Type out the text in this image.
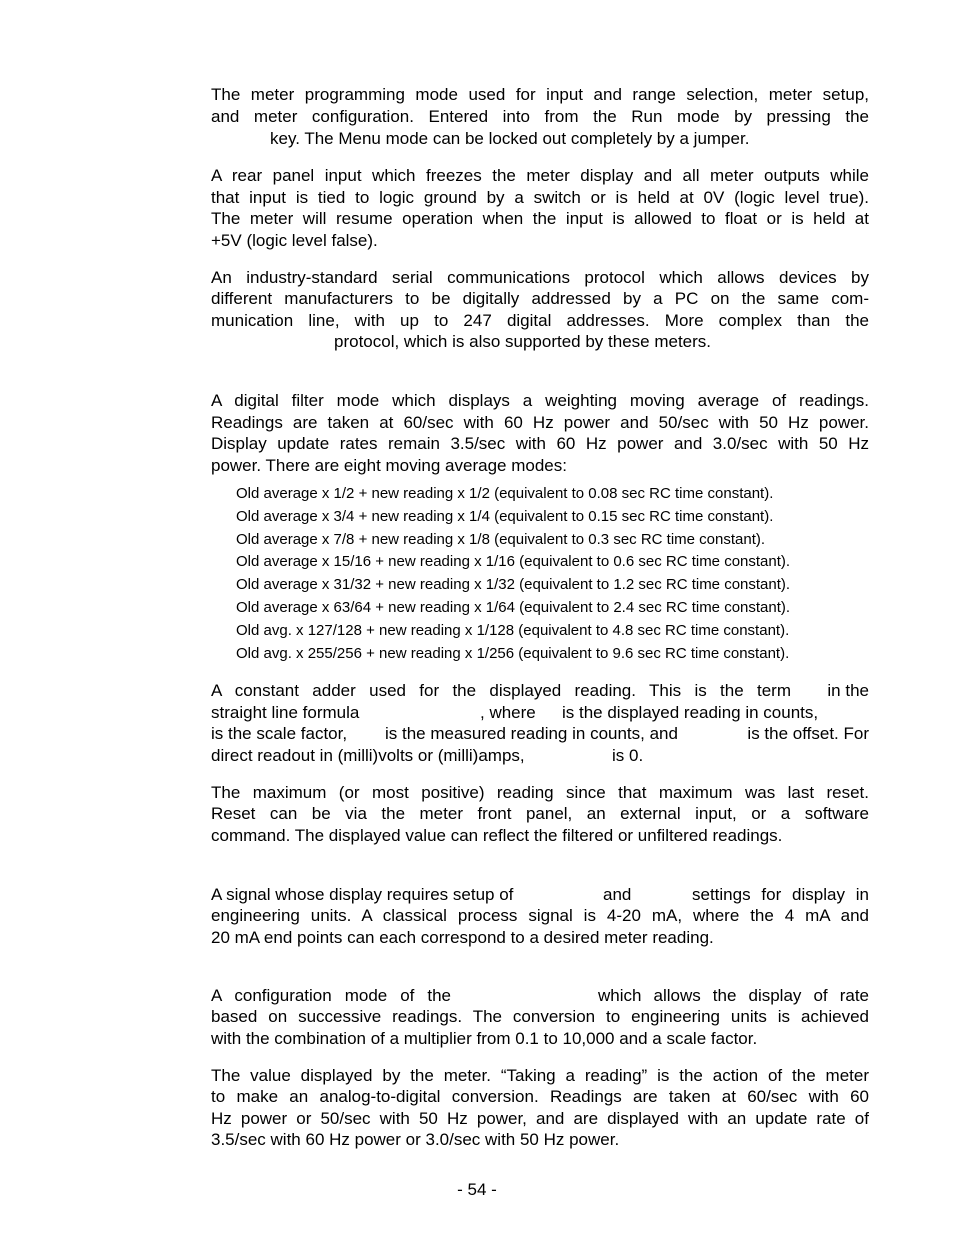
The meter programming mode used for input and range selection, meter setup,
and meter configuration. Entered into from the Run mode by pressing the
key. The Menu mode can be locked out completely by a jumper.
A rear panel input which freezes the meter display and all meter outputs while
that input is tied to logic ground by a switch or is held at 0V (logic level true).
The meter will resume operation when the input is allowed to float or is held at
+5V (logic level false).
An industry-standard serial communications protocol which allows devices by
different manufacturers to be digitally addressed by a PC on the same com-
munication line, with up to 247 digital addresses. More complex than the
protocol, which is also supported by these meters.
A digital filter mode which displays a weighting moving average of readings.
Readings are taken at 60/sec with 60 Hz power and 50/sec with 50 Hz power.
Display update rates remain 3.5/sec with 60 Hz power and 3.0/sec with 50 Hz
power. There are eight moving average modes:
Old average x 1/2 + new reading x 1/2 (equivalent to 0.08 sec RC time constant).
Old average x 3/4 + new reading x 1/4 (equivalent to 0.15 sec RC time constant).
Old average x 7/8 + new reading x 1/8 (equivalent to 0.3 sec RC time constant).
Old average x 15/16 + new reading x 1/16 (equivalent to 0.6 sec RC time constant).
Old average x 31/32 + new reading x 1/32 (equivalent to 1.2 sec RC time constant).
Old average x 63/64 + new reading x 1/64 (equivalent to 2.4 sec RC time constant).
Old avg. x 127/128 + new reading x 1/128 (equivalent to 4.8 sec RC time constant).
Old avg. x 255/256 + new reading x 1/256 (equivalent to 9.6 sec RC time constant).
A constant adder used for the displayed reading. This is the term	in the
straight line formula	, where	is the displayed reading in counts,
is the scale factor,	is the measured reading in counts, and	is the offset. For
direct readout in (milli)volts or (milli)amps,	is 0.
The maximum (or most positive) reading since that maximum was last reset.
Reset can be via the meter front panel, an external input, or a software
command. The displayed value can reflect the filtered or unfiltered readings.
A signal whose display requires setup of	and	settings for display in
engineering units. A classical process signal is 4-20 mA, where the 4 mA and
20 mA end points can each correspond to a desired meter reading.
A configuration mode of the	which allows the display of rate
based on successive readings. The conversion to engineering units is achieved
with the combination of a multiplier from 0.1 to 10,000 and a scale factor.
The value displayed by the meter. “Taking a reading” is the action of the meter
to make an analog-to-digital conversion. Readings are taken at 60/sec with 60
Hz power or 50/sec with 50 Hz power, and are displayed with an update rate of
3.5/sec with 60 Hz power or 3.0/sec with 50 Hz power.
- 54 -
